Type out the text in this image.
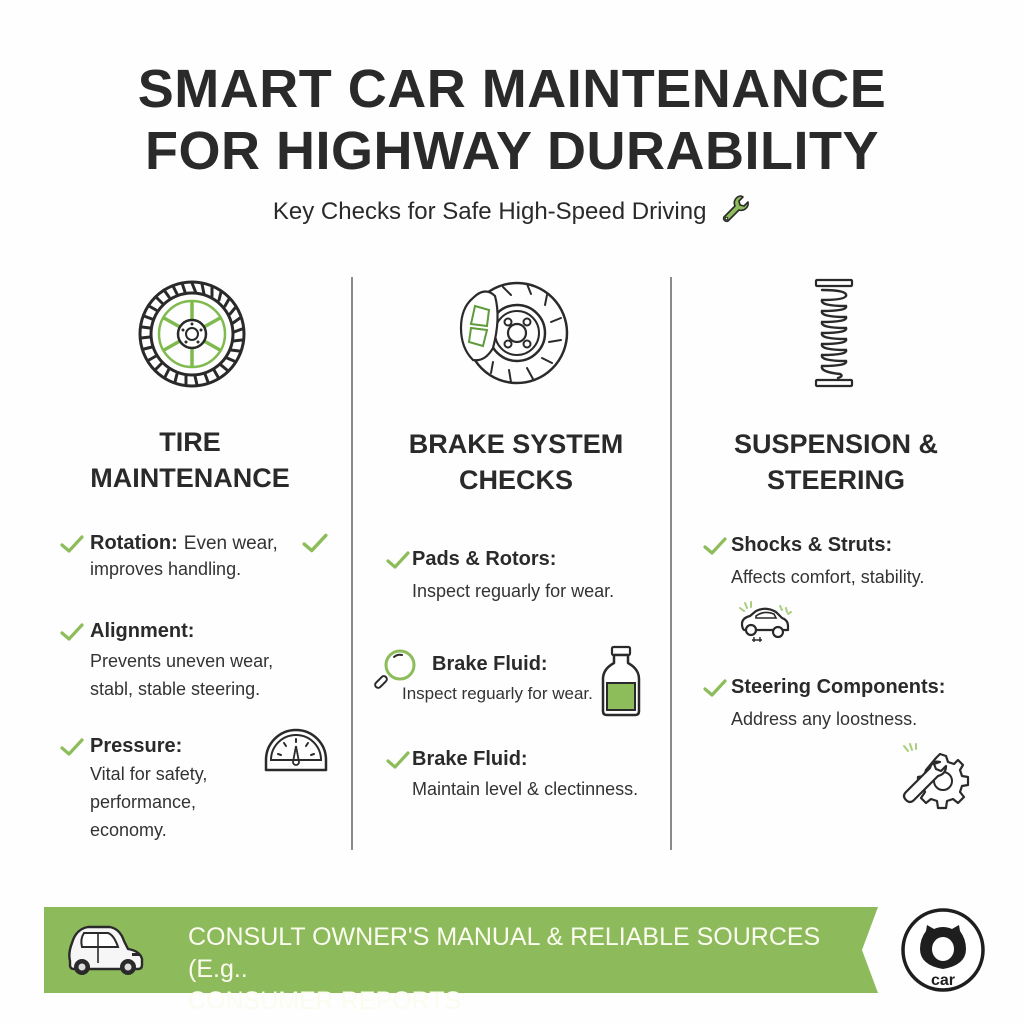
SMART CAR MAINTENANCE
FOR HIGHWAY DURABILITY
Key Checks for Safe High-Speed Driving
TIRE
MAINTENANCE
Rotation: Even wear,
improves handling.
Alignment:
Prevents uneven wear,
stabl, stable steering.
Pressure:
Vital for safety,
performance,
economy.
BRAKE SYSTEM
CHECKS
Pads & Rotors:
Inspect reguarly for wear.
Brake Fluid:
Inspect reguarly for wear.
Brake Fluid:
Maintain level & clectinness.
SUSPENSION &
STEERING
Shocks & Struts:
Affects comfort, stability.
Steering Components:
Address any loostness.
CONSULT OWNER'S MANUAL & RELIABLE SOURCES (E.g..
CONSUMER REPORTS
car
